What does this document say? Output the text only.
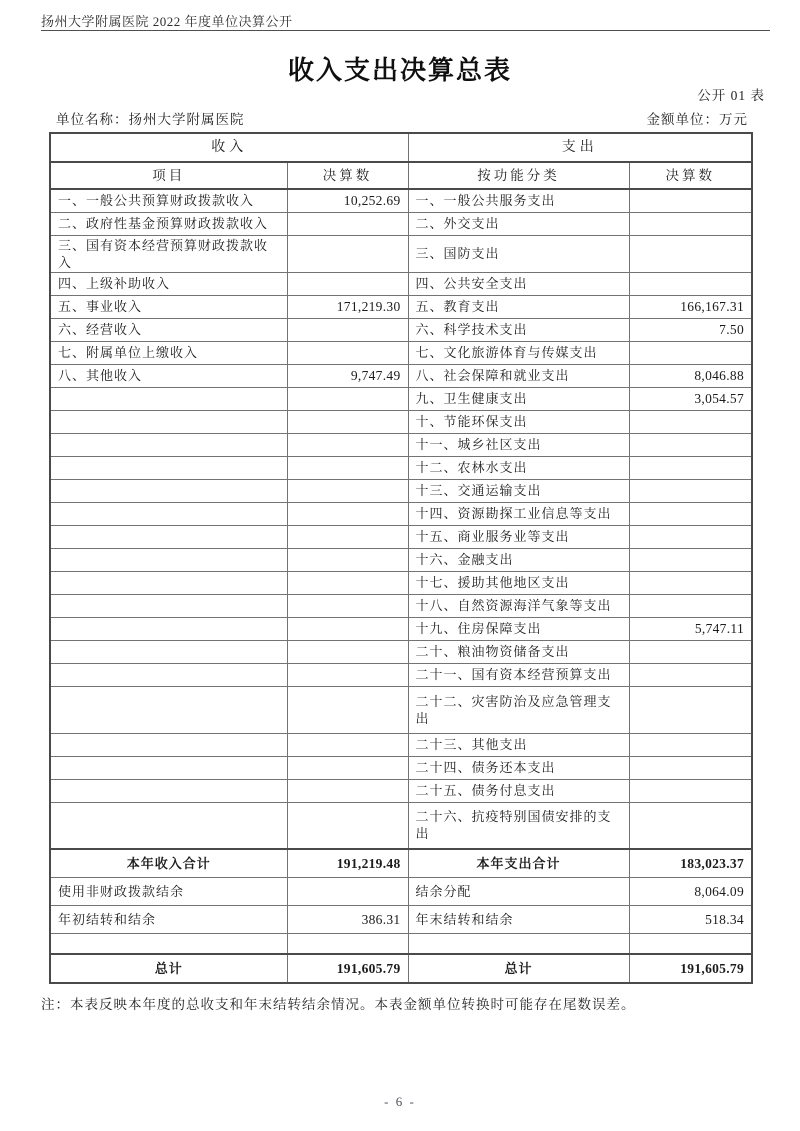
扬州大学附属医院 2022 年度单位决算公开
收入支出决算总表
公开 01 表
单位名称：扬州大学附属医院	金额单位：万元
收入		支出	
项目	决算数	按功能分类	决算数
一、一般公共预算财政拨款收入	10,252.69	一、一般公共服务支出	
二、政府性基金预算财政拨款收入		二、外交支出	
三、国有资本经营预算财政拨款收入		三、国防支出	
四、上级补助收入		四、公共安全支出	
五、事业收入	171,219.30	五、教育支出	166,167.31
六、经营收入		六、科学技术支出	7.50
七、附属单位上缴收入		七、文化旅游体育与传媒支出	
八、其他收入	9,747.49	八、社会保障和就业支出	8,046.88
		九、卫生健康支出	3,054.57
		十、节能环保支出	
		十一、城乡社区支出	
		十二、农林水支出	
		十三、交通运输支出	
		十四、资源勘探工业信息等支出	
		十五、商业服务业等支出	
		十六、金融支出	
		十七、援助其他地区支出	
		十八、自然资源海洋气象等支出	
		十九、住房保障支出	5,747.11
		二十、粮油物资储备支出	
		二十一、国有资本经营预算支出	
		二十二、灾害防治及应急管理支出	
		二十三、其他支出	
		二十四、债务还本支出	
		二十五、债务付息支出	
		二十六、抗疫特别国债安排的支出	
本年收入合计	191,219.48	本年支出合计	183,023.37
使用非财政拨款结余		结余分配	8,064.09
年初结转和结余	386.31	年末结转和结余	518.34

总计	191,605.79	总计	191,605.79
注：本表反映本年度的总收支和年末结转结余情况。本表金额单位转换时可能存在尾数误差。
- 6 -
